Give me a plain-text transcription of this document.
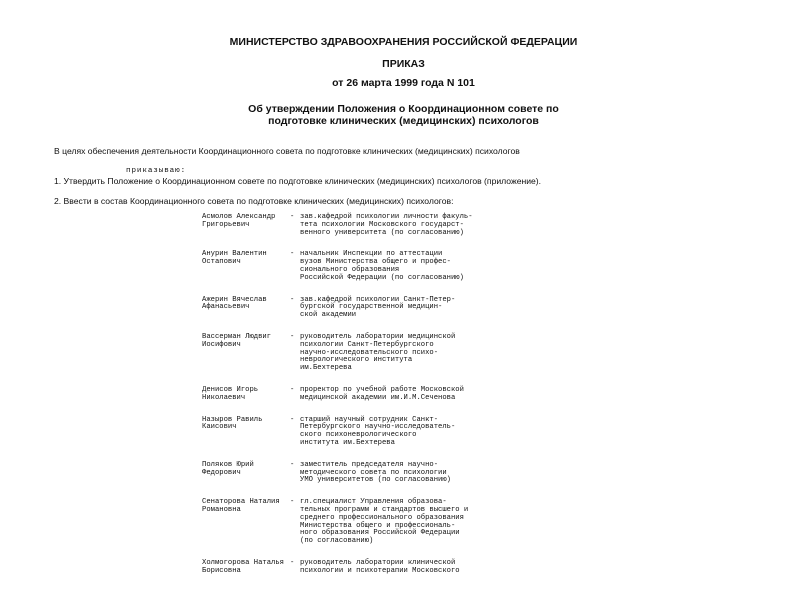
МИНИСТЕРСТВО ЗДРАВООХРАНЕНИЯ РОССИЙСКОЙ ФЕДЕРАЦИИ
ПРИКАЗ
от 26 марта 1999 года N 101
Об утверждении Положения о Координационном совете по
подготовке клинических (медицинских) психологов
В целях обеспечения деятельности Координационного совета по подготовке клинических (медицинских) психологов
приказываю:
1. Утвердить Положение о Координационном совете по подготовке клинических (медицинских) психологов (приложение).
2. Ввести в состав Координационного совета по подготовке клинических (медицинских) психологов:
Асмолов Александр
Григорьевич
- зав.кафедрой психологии личности факуль-
тета психологии Московского государст-
венного университета (по согласованию)
Анурин Валентин
Остапович
- начальник Инспекции по аттестации
вузов Министерства общего и профес-
сионального образования
Российской Федерации (по согласованию)
Ажерин Вячеслав
Афанасьевич
- зав.кафедрой психологии Санкт-Петер-
бургской государственной медицин-
ской академии
Вассерман Людвиг
Иосифович
- руководитель лаборатории медицинской
психологии Санкт-Петербургского
научно-исследовательского психо-
неврологического института
им.Бехтерева
Денисов Игорь
Николаевич
- проректор по учебной работе Московской
медицинской академии им.И.М.Сеченова
Назыров Равиль
Каисович
- старший научный сотрудник Санкт-
Петербургского научно-исследователь-
ского психоневрологического
института им.Бехтерева
Поляков Юрий
Федорович
- заместитель председателя научно-
методического совета по психологии
УМО университетов (по согласованию)
Сенаторова Наталия
Романовна
- гл.специалист Управления образова-
тельных программ и стандартов высшего и
среднего профессионального образования
Министерства общего и профессиональ-
ного образования Российской Федерации
(по согласованию)
Холмогорова Наталья
Борисовна
- руководитель лаборатории клинической
психологии и психотерапии Московского
